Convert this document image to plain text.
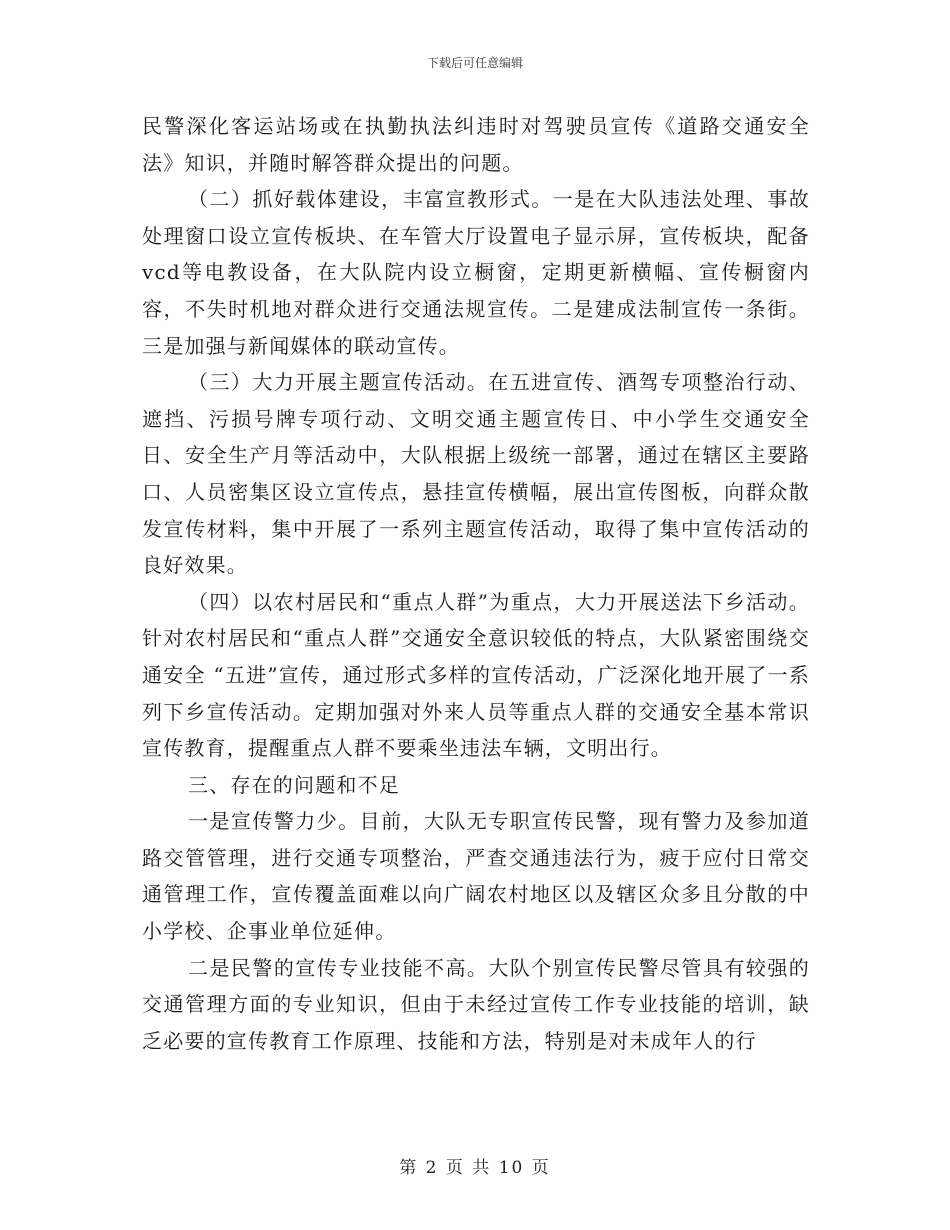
下载后可任意编辑

民警深化客运站场或在执勤执法纠违时对驾驶员宣传《道路交通安全法》知识，并随时解答群众提出的问题。

（二）抓好载体建设，丰富宣教形式。一是在大队违法处理、事故处理窗口设立宣传板块、在车管大厅设置电子显示屏，宣传板块，配备vcd等电教设备，在大队院内设立橱窗，定期更新横幅、宣传橱窗内容，不失时机地对群众进行交通法规宣传。二是建成法制宣传一条街。三是加强与新闻媒体的联动宣传。

（三）大力开展主题宣传活动。在五进宣传、酒驾专项整治行动、遮挡、污损号牌专项行动、文明交通主题宣传日、中小学生交通安全日、安全生产月等活动中，大队根据上级统一部署，通过在辖区主要路口、人员密集区设立宣传点，悬挂宣传横幅，展出宣传图板，向群众散发宣传材料，集中开展了一系列主题宣传活动，取得了集中宣传活动的良好效果。

（四）以农村居民和“重点人群”为重点，大力开展送法下乡活动。针对农村居民和“重点人群”交通安全意识较低的特点，大队紧密围绕交通安全 “五进”宣传，通过形式多样的宣传活动，广泛深化地开展了一系列下乡宣传活动。定期加强对外来人员等重点人群的交通安全基本常识宣传教育，提醒重点人群不要乘坐违法车辆，文明出行。

三、存在的问题和不足

一是宣传警力少。目前，大队无专职宣传民警，现有警力及参加道路交管管理，进行交通专项整治，严查交通违法行为，疲于应付日常交通管理工作，宣传覆盖面难以向广阔农村地区以及辖区众多且分散的中小学校、企事业单位延伸。

二是民警的宣传专业技能不高。大队个别宣传民警尽管具有较强的交通管理方面的专业知识，但由于未经过宣传工作专业技能的培训，缺乏必要的宣传教育工作原理、技能和方法，特别是对未成年人的行

第 2 页 共 10 页
